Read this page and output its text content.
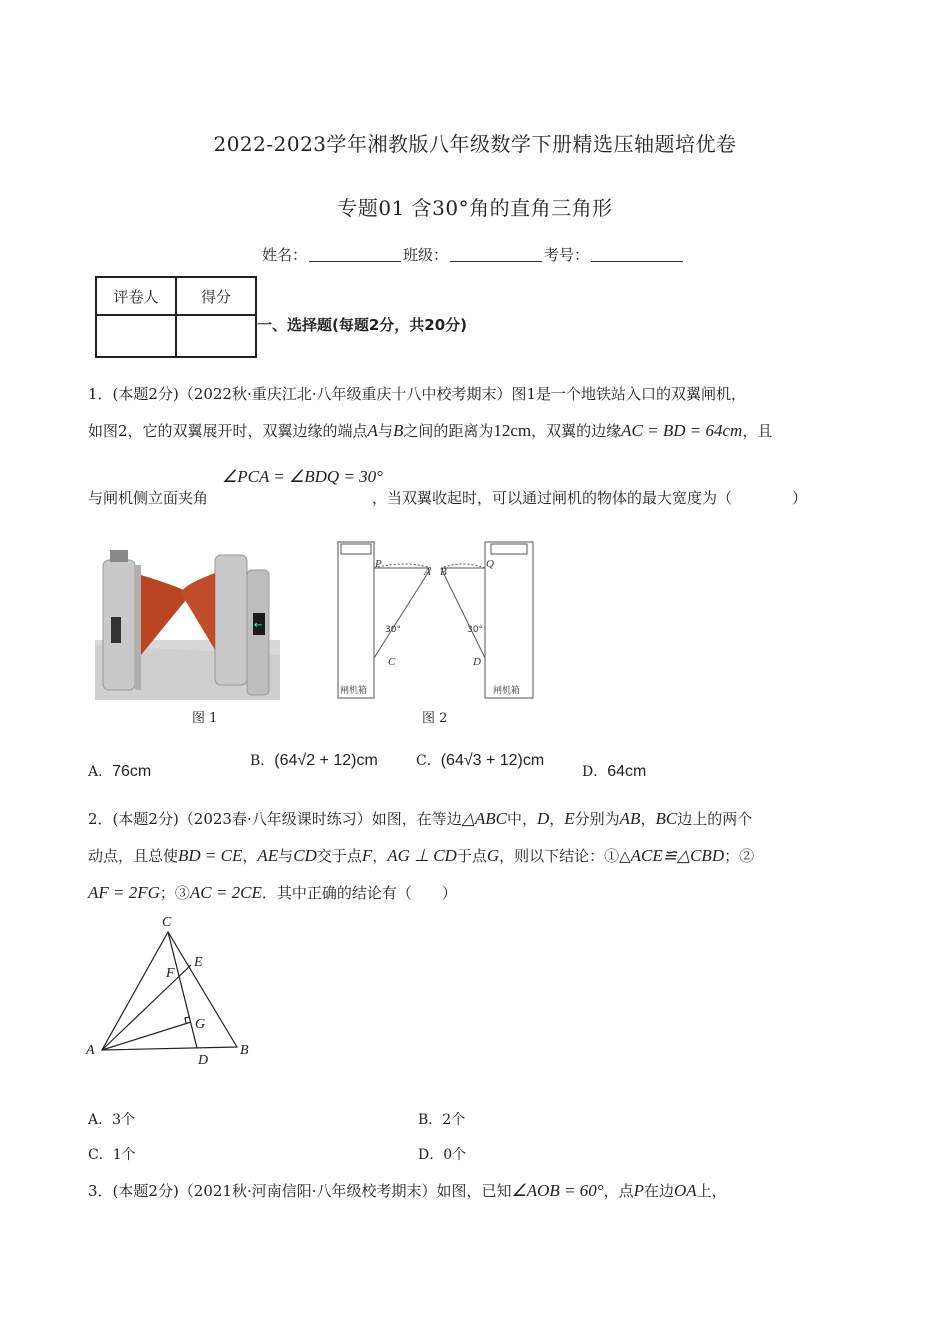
2022-2023学年湘教版八年级数学下册精选压轴题培优卷
专题01 含30°角的直角三角形
姓名：	班级：	考号：
评卷人	得分

一、选择题(每题2分，共20分)
1．(本题2分)（2022秋·重庆江北·八年级重庆十八中校考期末）图1是一个地铁站入口的双翼闸机，
如图2，它的双翼展开时，双翼边缘的端点A与B之间的距离为12cm，双翼的边缘AC = BD = 64cm，且
与闸机侧立面夹角
∠PCA = ∠BDQ = 30°
，当双翼收起时，可以通过闸机的物体的最大宽度为（　　　　）
←
图 1
P
A B
Q
C	D
30°	30°
闸机箱	闸机箱
图 2
A．76cm
B．(64√2 + 12)cm	C．(64√3 + 12)cm
D．64cm
2．(本题2分)（2023春·八年级课时练习）如图，在等边△ABC中，D，E分别为AB，BC边上的两个
动点，且总使BD = CE，AE与CD交于点F，AG ⊥ CD于点G，则以下结论：①△ACE≌△CBD；②
AF = 2FG；③AC = 2CE．其中正确的结论有（　　）
C
E
F
G
A	B
D
A．3个	B．2个
C．1个	D．0个
3．(本题2分)（2021秋·河南信阳·八年级校考期末）如图，已知∠AOB = 60°，点P在边OA上，
